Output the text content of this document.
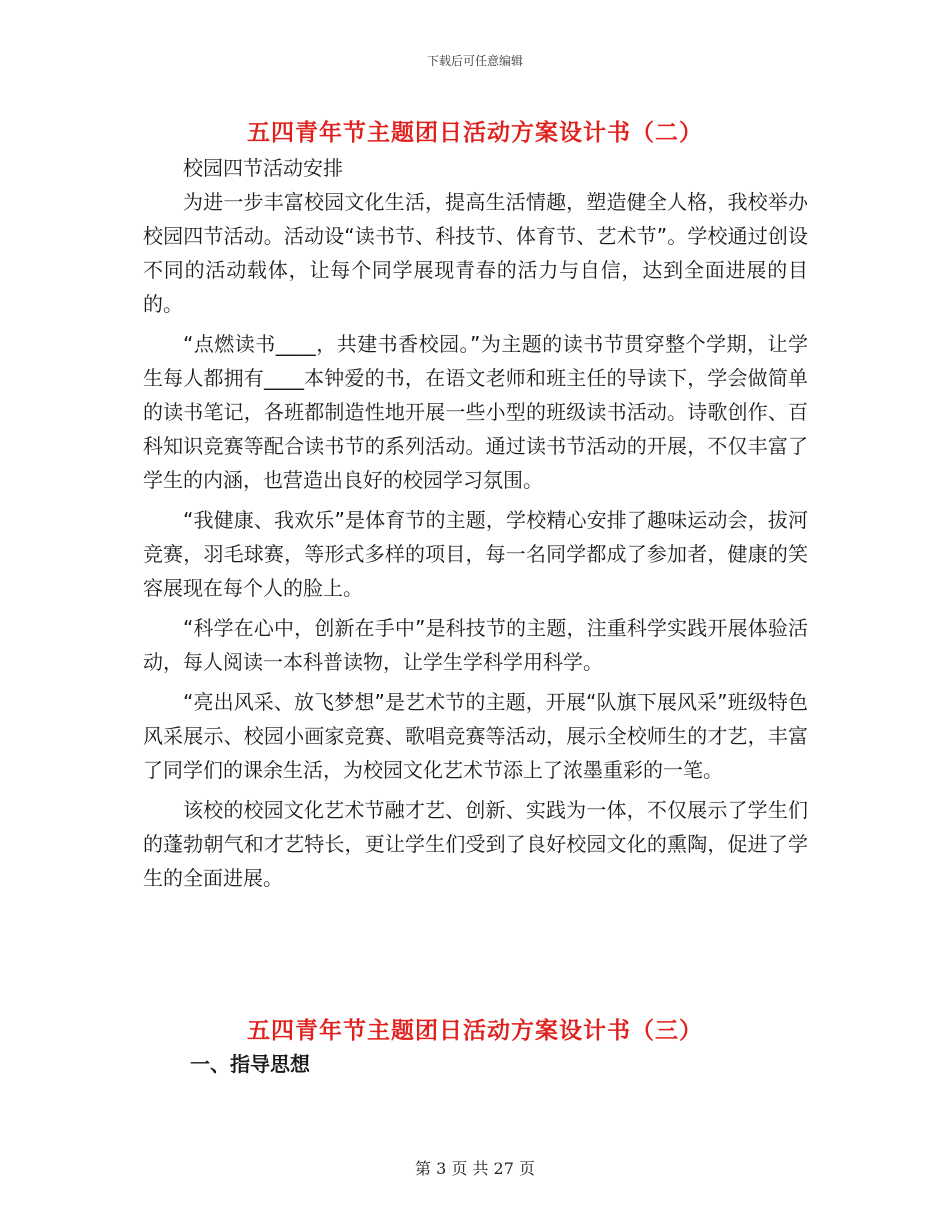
下载后可任意编辑
五四青年节主题团日活动方案设计书（二）

校园四节活动安排

为进一步丰富校园文化生活，提高生活情趣，塑造健全人格，我校举办校园四节活动。活动设“读书节、科技节、体育节、艺术节”。学校通过创设不同的活动载体，让每个同学展现青春的活力与自信，达到全面进展的目的。

“点燃读书____，共建书香校园。”为主题的读书节贯穿整个学期，让学生每人都拥有____本钟爱的书，在语文老师和班主任的导读下，学会做简单的读书笔记，各班都制造性地开展一些小型的班级读书活动。诗歌创作、百科知识竞赛等配合读书节的系列活动。通过读书节活动的开展，不仅丰富了学生的内涵，也营造出良好的校园学习氛围。

“我健康、我欢乐”是体育节的主题，学校精心安排了趣味运动会，拔河竞赛，羽毛球赛，等形式多样的项目，每一名同学都成了参加者，健康的笑容展现在每个人的脸上。

“科学在心中，创新在手中”是科技节的主题，注重科学实践开展体验活动，每人阅读一本科普读物，让学生学科学用科学。

“亮出风采、放飞梦想”是艺术节的主题，开展“队旗下展风采”班级特色风采展示、校园小画家竞赛、歌唱竞赛等活动，展示全校师生的才艺，丰富了同学们的课余生活，为校园文化艺术节添上了浓墨重彩的一笔。

该校的校园文化艺术节融才艺、创新、实践为一体，不仅展示了学生们的蓬勃朝气和才艺特长，更让学生们受到了良好校园文化的熏陶，促进了学生的全面进展。

五四青年节主题团日活动方案设计书（三）
一、指导思想
第 3 页 共 27 页
